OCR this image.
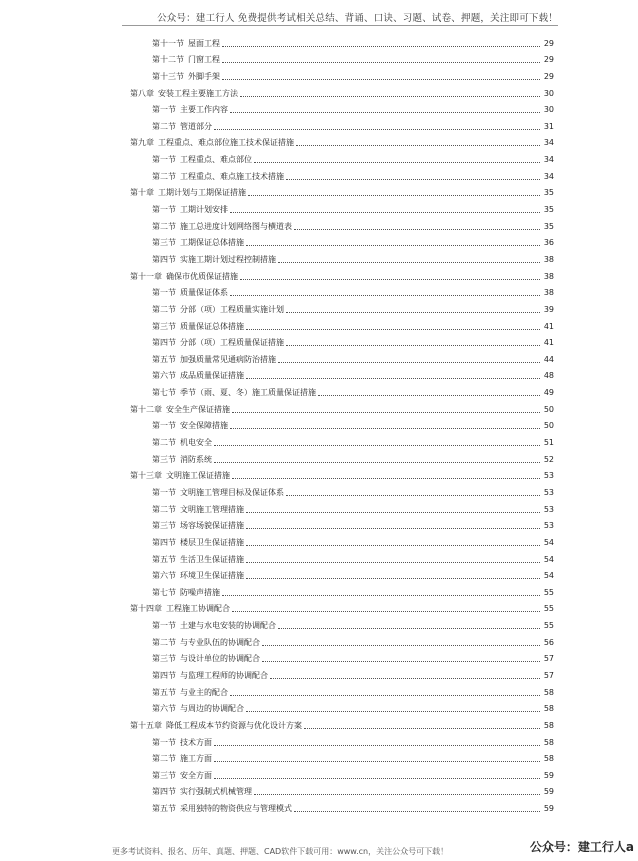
公众号：建工行人 免费提供考试相关总结、背诵、口诀、习题、试卷、押题，关注即可下载！
第十一节 屋面工程	29
第十二节 门窗工程	29
第十三节 外脚手架	29
第八章 安装工程主要施工方法	30
第一节 主要工作内容	30
第二节 管道部分	31
第九章 工程重点、难点部位施工技术保证措施	34
第一节 工程重点、难点部位	34
第二节 工程重点、难点施工技术措施	34
第十章 工期计划与工期保证措施	35
第一节 工期计划安排	35
第二节 施工总进度计划网络图与横道表	35
第三节 工期保证总体措施	36
第四节 实施工期计划过程控制措施	38
第十一章 确保市优质保证措施	38
第一节 质量保证体系	38
第二节 分部（项）工程质量实施计划	39
第三节 质量保证总体措施	41
第四节 分部（项）工程质量保证措施	41
第五节 加强质量常见通病防治措施	44
第六节 成品质量保证措施	48
第七节 季节（雨、夏、冬）施工质量保证措施	49
第十二章 安全生产保证措施	50
第一节 安全保障措施	50
第二节 机电安全	51
第三节 消防系统	52
第十三章 文明施工保证措施	53
第一节 文明施工管理目标及保证体系	53
第二节 文明施工管理措施	53
第三节 场容场貌保证措施	53
第四节 楼层卫生保证措施	54
第五节 生活卫生保证措施	54
第六节 环境卫生保证措施	54
第七节 防噪声措施	55
第十四章 工程施工协调配合	55
第一节 土建与水电安装的协调配合	55
第二节 与专业队伍的协调配合	56
第三节 与设计单位的协调配合	57
第四节 与监理工程师的协调配合	57
第五节 与业主的配合	58
第六节 与周边的协调配合	58
第十五章 降低工程成本节约资源与优化设计方案	58
第一节 技术方面	58
第二节 施工方面	58
第三节 安全方面	59
第四节 实行强制式机械管理	59
第五节 采用独特的物资供应与管理模式	59
更多考试资料、报名、历年、真题、押题、CAD软件下载可用：www.cn，关注公众号可下载！	公众号：建工行人a
